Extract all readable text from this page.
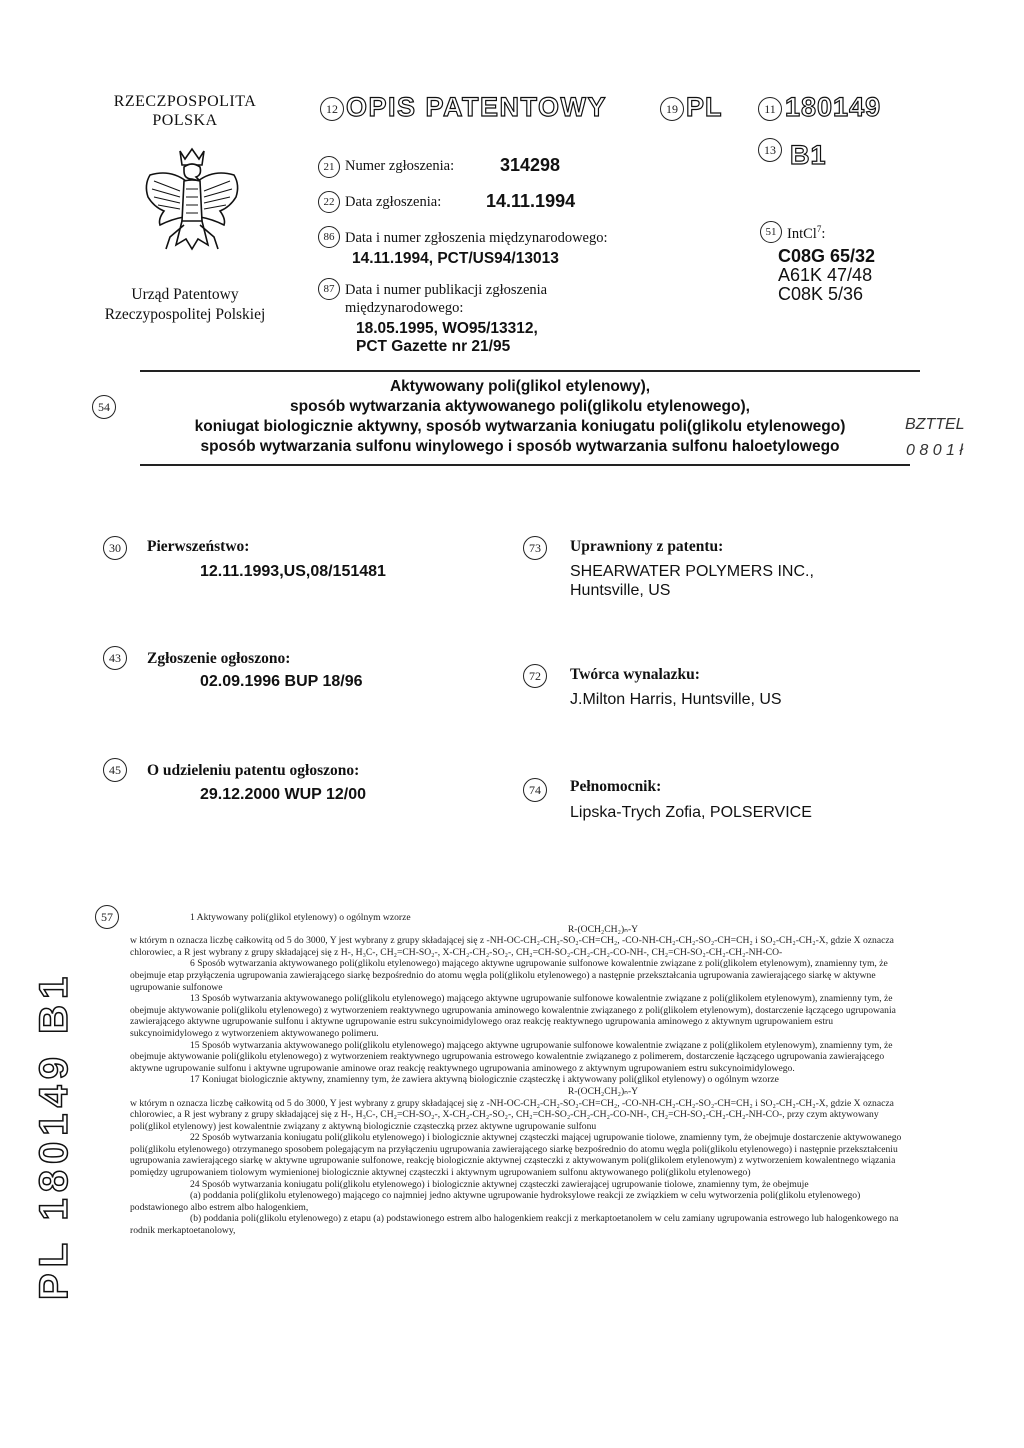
RZECZPOSPOLITA
POLSKA
Urząd Patentowy
Rzeczypospolitej Polskiej
12 OPIS PATENTOWY	19 PL	11 180149
13 B1
21 Numer zgłoszenia:	314298
22 Data zgłoszenia: 14.11.1994
86 Data i numer zgłoszenia międzynarodowego:
14.11.1994, PCT/US94/13013
87 Data i numer publikacji zgłoszenia
międzynarodowego:
18.05.1995, WO95/13312,
PCT Gazette nr 21/95
51 IntCl$^7$:
C08G 65/32
A61K 47/48
C08K 5/36
54
Aktywowany poli(glikol etylenowy),
sposób wytwarzania aktywowanego poli(glikolu etylenowego),
koniugat biologicznie aktywny, sposób wytwarzania koniugatu poli(glikolu etylenowego)
sposób wytwarzania sulfonu winylowego i sposób wytwarzania sulfonu haloetylowego
BZTTEL
0 8 0 1 ł
30	Pierwszeństwo:
12.11.1993,US,08/151481
73	Uprawniony z patentu:
SHEARWATER POLYMERS INC.,
Huntsville, US
43	Zgłoszenie ogłoszono:
02.09.1996 BUP 18/96	72	Twórca wynalazku:
J.Milton Harris, Huntsville, US
45	O udzieleniu patentu ogłoszono:
29.12.2000 WUP 12/00	74	Pełnomocnik:
Lipska-Trych Zofia, POLSERVICE
57	1 Aktywowany poli(glikol etylenowy) o ogólnym wzorze

R-(OCH₂CH₂)ₙ-Y

w którym n oznacza liczbę całkowitą od 5 do 3000, Y jest wybrany z grupy składającej się z -NH-OC-CH₂-CH₂-SO₂-CH=CH₂, -CO-NH-CH₂-CH₂-SO₂-CH=CH₂ i SO₂-CH₂-CH₂-X, gdzie X oznacza chlorowiec, a R jest wybrany z grupy składającej się z H-, H₃C-, CH₂=CH-SO₂-, X-CH₂-CH₂-SO₂-, CH₂=CH-SO₂-CH₂-CH₂-CO-NH-, CH₂=CH-SO₂-CH₂-CH₂-NH-CO-

6 Sposób wytwarzania aktywowanego poli(glikolu etylenowego) mającego aktywne ugrupowanie sulfonowe kowalentnie związane z poli(glikolem etylenowym), znamienny tym, że obejmuje etap przyłączenia ugrupowania zawierającego siarkę bezpośrednio do atomu węgla poli(glikolu etylenowego) a następnie przekształcania ugrupowania zawierającego siarkę w aktywne ugrupowanie sulfonowe

13 Sposób wytwarzania aktywowanego poli(glikolu etylenowego) mającego aktywne ugrupowanie sulfonowe kowalentnie związane z poli(glikolem etylenowym), znamienny tym, że obejmuje aktywowanie poli(glikolu etylenowego) z wytworzeniem reaktywnego ugrupowania aminowego kowalentnie związanego z poli(glikolem etylenowym), dostarczenie łączącego ugrupowania zawierającego aktywne ugrupowanie sulfonu i aktywne ugrupowanie estru sukcynoimidylowego oraz reakcję reaktywnego ugrupowania aminowego z aktywnym ugrupowaniem estru sukcynoimidylowego z wytworzeniem aktywowanego polimeru.

15 Sposób wytwarzania aktywowanego poli(glikolu etylenowego) mającego aktywne ugrupowanie sulfonowe kowalentnie związane z poli(glikolem etylenowym), znamienny tym, że obejmuje aktywowanie poli(glikolu etylenowego) z wytworzeniem reaktywnego ugrupowania estrowego kowalentnie związanego z polimerem, dostarczenie łączącego ugrupowania zawierającego aktywne ugrupowanie sulfonu i aktywne ugrupowanie aminowe oraz reakcję reaktywnego ugrupowania aminowego z aktywnym ugrupowaniem estru sukcynoimidylowego.

17 Koniugat biologicznie aktywny, znamienny tym, że zawiera aktywną biologicznie cząsteczkę i aktywowany poli(glikol etylenowy) o ogólnym wzorze

R-(OCH₂CH₂)ₙ-Y

w którym n oznacza liczbę całkowitą od 5 do 3000, Y jest wybrany z grupy składającej się z -NH-OC-CH₂-CH₂-SO₂-CH=CH₂, -CO-NH-CH₂-CH₂-SO₂-CH=CH₂ i SO₂-CH₂-CH₂-X, gdzie X oznacza chlorowiec, a R jest wybrany z grupy składającej się z H-, H₃C-, CH₂=CH-SO₂-, X-CH₂-CH₂-SO₂-, CH₂=CH-SO₂-CH₂-CH₂-CO-NH-, CH₂=CH-SO₂-CH₂-CH₂-NH-CO-, przy czym aktywowany poli(glikol etylenowy) jest kowalentnie związany z aktywną biologicznie cząsteczką przez aktywne ugrupowanie sulfonu

22 Sposób wytwarzania koniugatu poli(glikolu etylenowego) i biologicznie aktywnej cząsteczki mającej ugrupowanie tiolowe, znamienny tym, że obejmuje dostarczenie aktywowanego poli(glikolu etylenowego) otrzymanego sposobem polegającym na przyłączeniu ugrupowania zawierającego siarkę bezpośrednio do atomu węgla poli(glikolu etylenowego) i następnie przekształceniu ugrupowania zawierającego siarkę w aktywne ugrupowanie sulfonowe, reakcję biologicznie aktywnej cząsteczki z aktywowanym poli(glikolem etylenowym) z wytworzeniem kowalentnego wiązania pomiędzy ugrupowaniem tiolowym wymienionej biologicznie aktywnej cząsteczki i aktywnym ugrupowaniem sulfonu aktywowanego poli(glikolu etylenowego)

24 Sposób wytwarzania koniugatu poli(glikolu etylenowego) i biologicznie aktywnej cząsteczki zawierającej ugrupowanie tiolowe, znamienny tym, że obejmuje

(a) poddania poli(glikolu etylenowego) mającego co najmniej jedno aktywne ugrupowanie hydroksylowe reakcji ze związkiem w celu wytworzenia poli(glikolu etylenowego) podstawionego albo estrem albo halogenkiem,

(b) poddania poli(glikolu etylenowego) z etapu (a) podstawionego estrem albo halogenkiem reakcji z merkaptoetanolem w celu zamiany ugrupowania estrowego lub halogenkowego na rodnik merkaptoetanolowy,

PL 180149 B1
